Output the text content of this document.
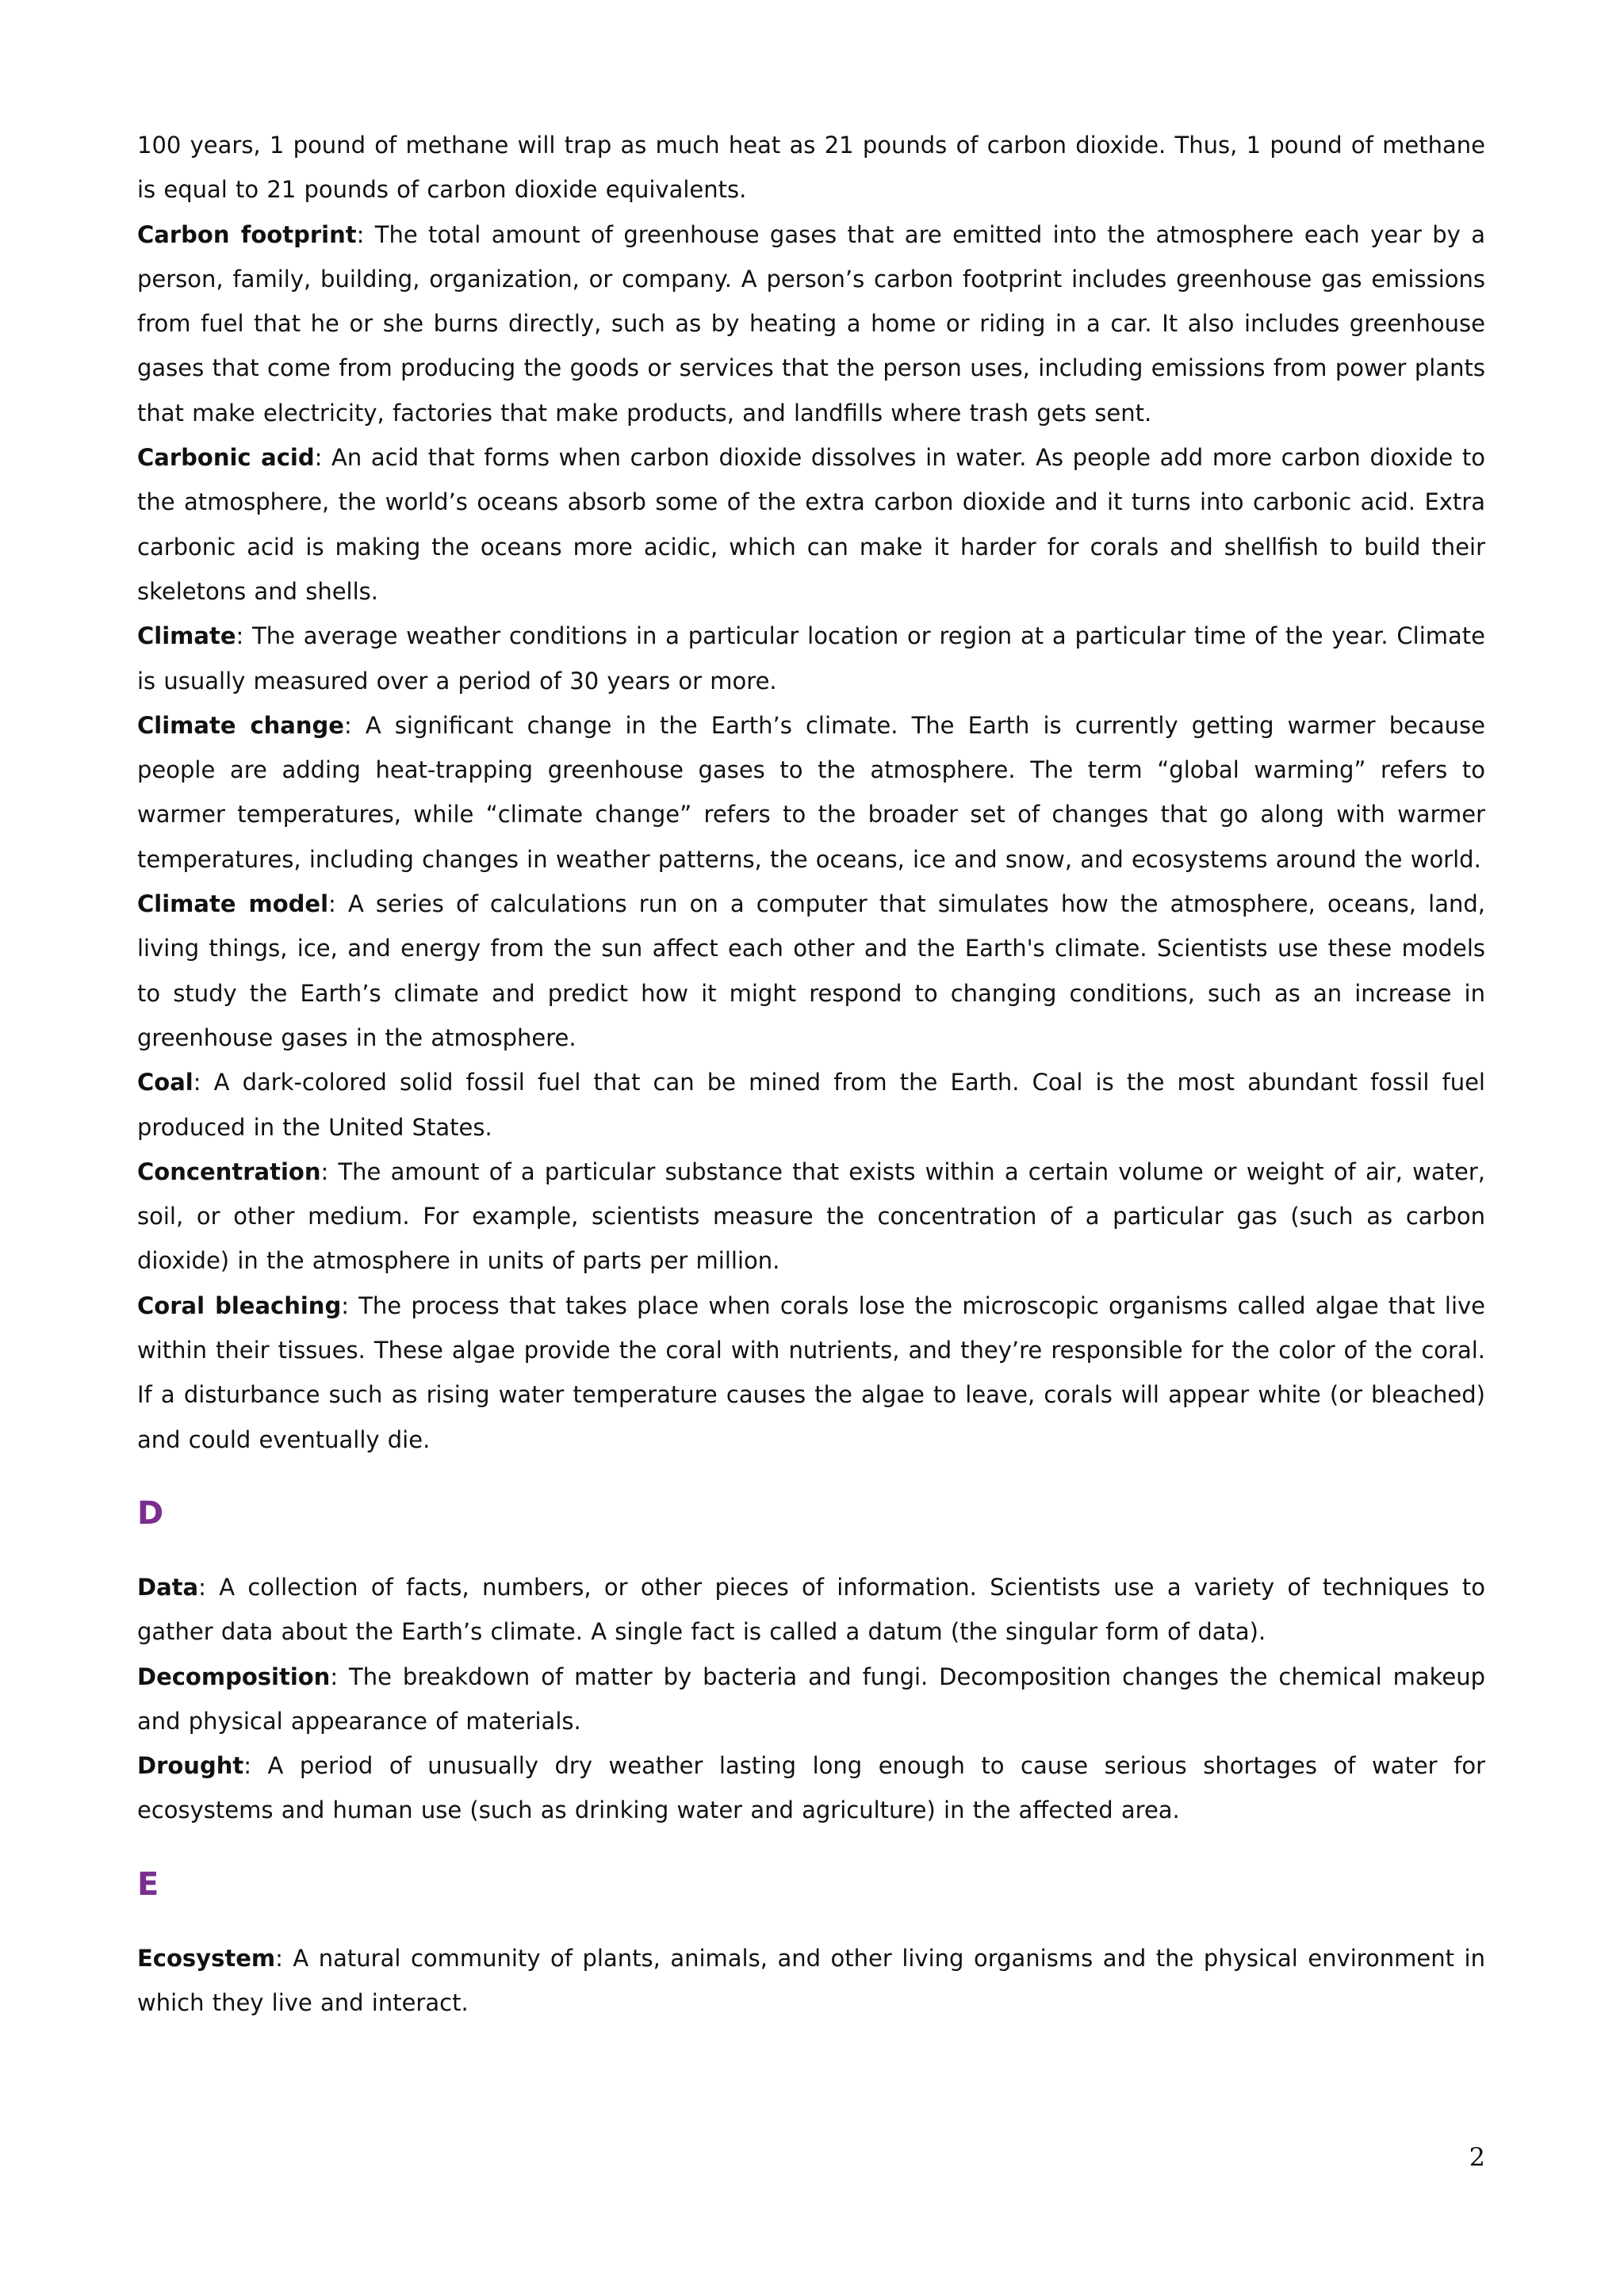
100 years, 1 pound of methane will trap as much heat as 21 pounds of carbon dioxide. Thus, 1 pound of methane is equal to 21 pounds of carbon dioxide equivalents.

Carbon footprint: The total amount of greenhouse gases that are emitted into the atmosphere each year by a person, family, building, organization, or company. A person’s carbon footprint includes greenhouse gas emissions from fuel that he or she burns directly, such as by heating a home or riding in a car. It also includes greenhouse gases that come from producing the goods or services that the person uses, including emissions from power plants that make electricity, factories that make products, and landfills where trash gets sent.

Carbonic acid: An acid that forms when carbon dioxide dissolves in water. As people add more carbon dioxide to the atmosphere, the world’s oceans absorb some of the extra carbon dioxide and it turns into carbonic acid. Extra carbonic acid is making the oceans more acidic, which can make it harder for corals and shellfish to build their skeletons and shells.

Climate: The average weather conditions in a particular location or region at a particular time of the year. Climate is usually measured over a period of 30 years or more.

Climate change: A significant change in the Earth’s climate. The Earth is currently getting warmer because people are adding heat-trapping greenhouse gases to the atmosphere. The term “global warming” refers to warmer temperatures, while “climate change” refers to the broader set of changes that go along with warmer temperatures, including changes in weather patterns, the oceans, ice and snow, and ecosystems around the world.

Climate model: A series of calculations run on a computer that simulates how the atmosphere, oceans, land, living things, ice, and energy from the sun affect each other and the Earth's climate. Scientists use these models to study the Earth’s climate and predict how it might respond to changing conditions, such as an increase in greenhouse gases in the atmosphere.

Coal: A dark-colored solid fossil fuel that can be mined from the Earth. Coal is the most abundant fossil fuel produced in the United States.

Concentration: The amount of a particular substance that exists within a certain volume or weight of air, water, soil, or other medium. For example, scientists measure the concentration of a particular gas (such as carbon dioxide) in the atmosphere in units of parts per million.

Coral bleaching: The process that takes place when corals lose the microscopic organisms called algae that live within their tissues. These algae provide the coral with nutrients, and they’re responsible for the color of the coral. If a disturbance such as rising water temperature causes the algae to leave, corals will appear white (or bleached) and could eventually die.

D

Data: A collection of facts, numbers, or other pieces of information. Scientists use a variety of techniques to gather data about the Earth’s climate. A single fact is called a datum (the singular form of data).

Decomposition: The breakdown of matter by bacteria and fungi. Decomposition changes the chemical makeup and physical appearance of materials.

Drought: A period of unusually dry weather lasting long enough to cause serious shortages of water for ecosystems and human use (such as drinking water and agriculture) in the affected area.

E

Ecosystem: A natural community of plants, animals, and other living organisms and the physical environment in which they live and interact.

2
